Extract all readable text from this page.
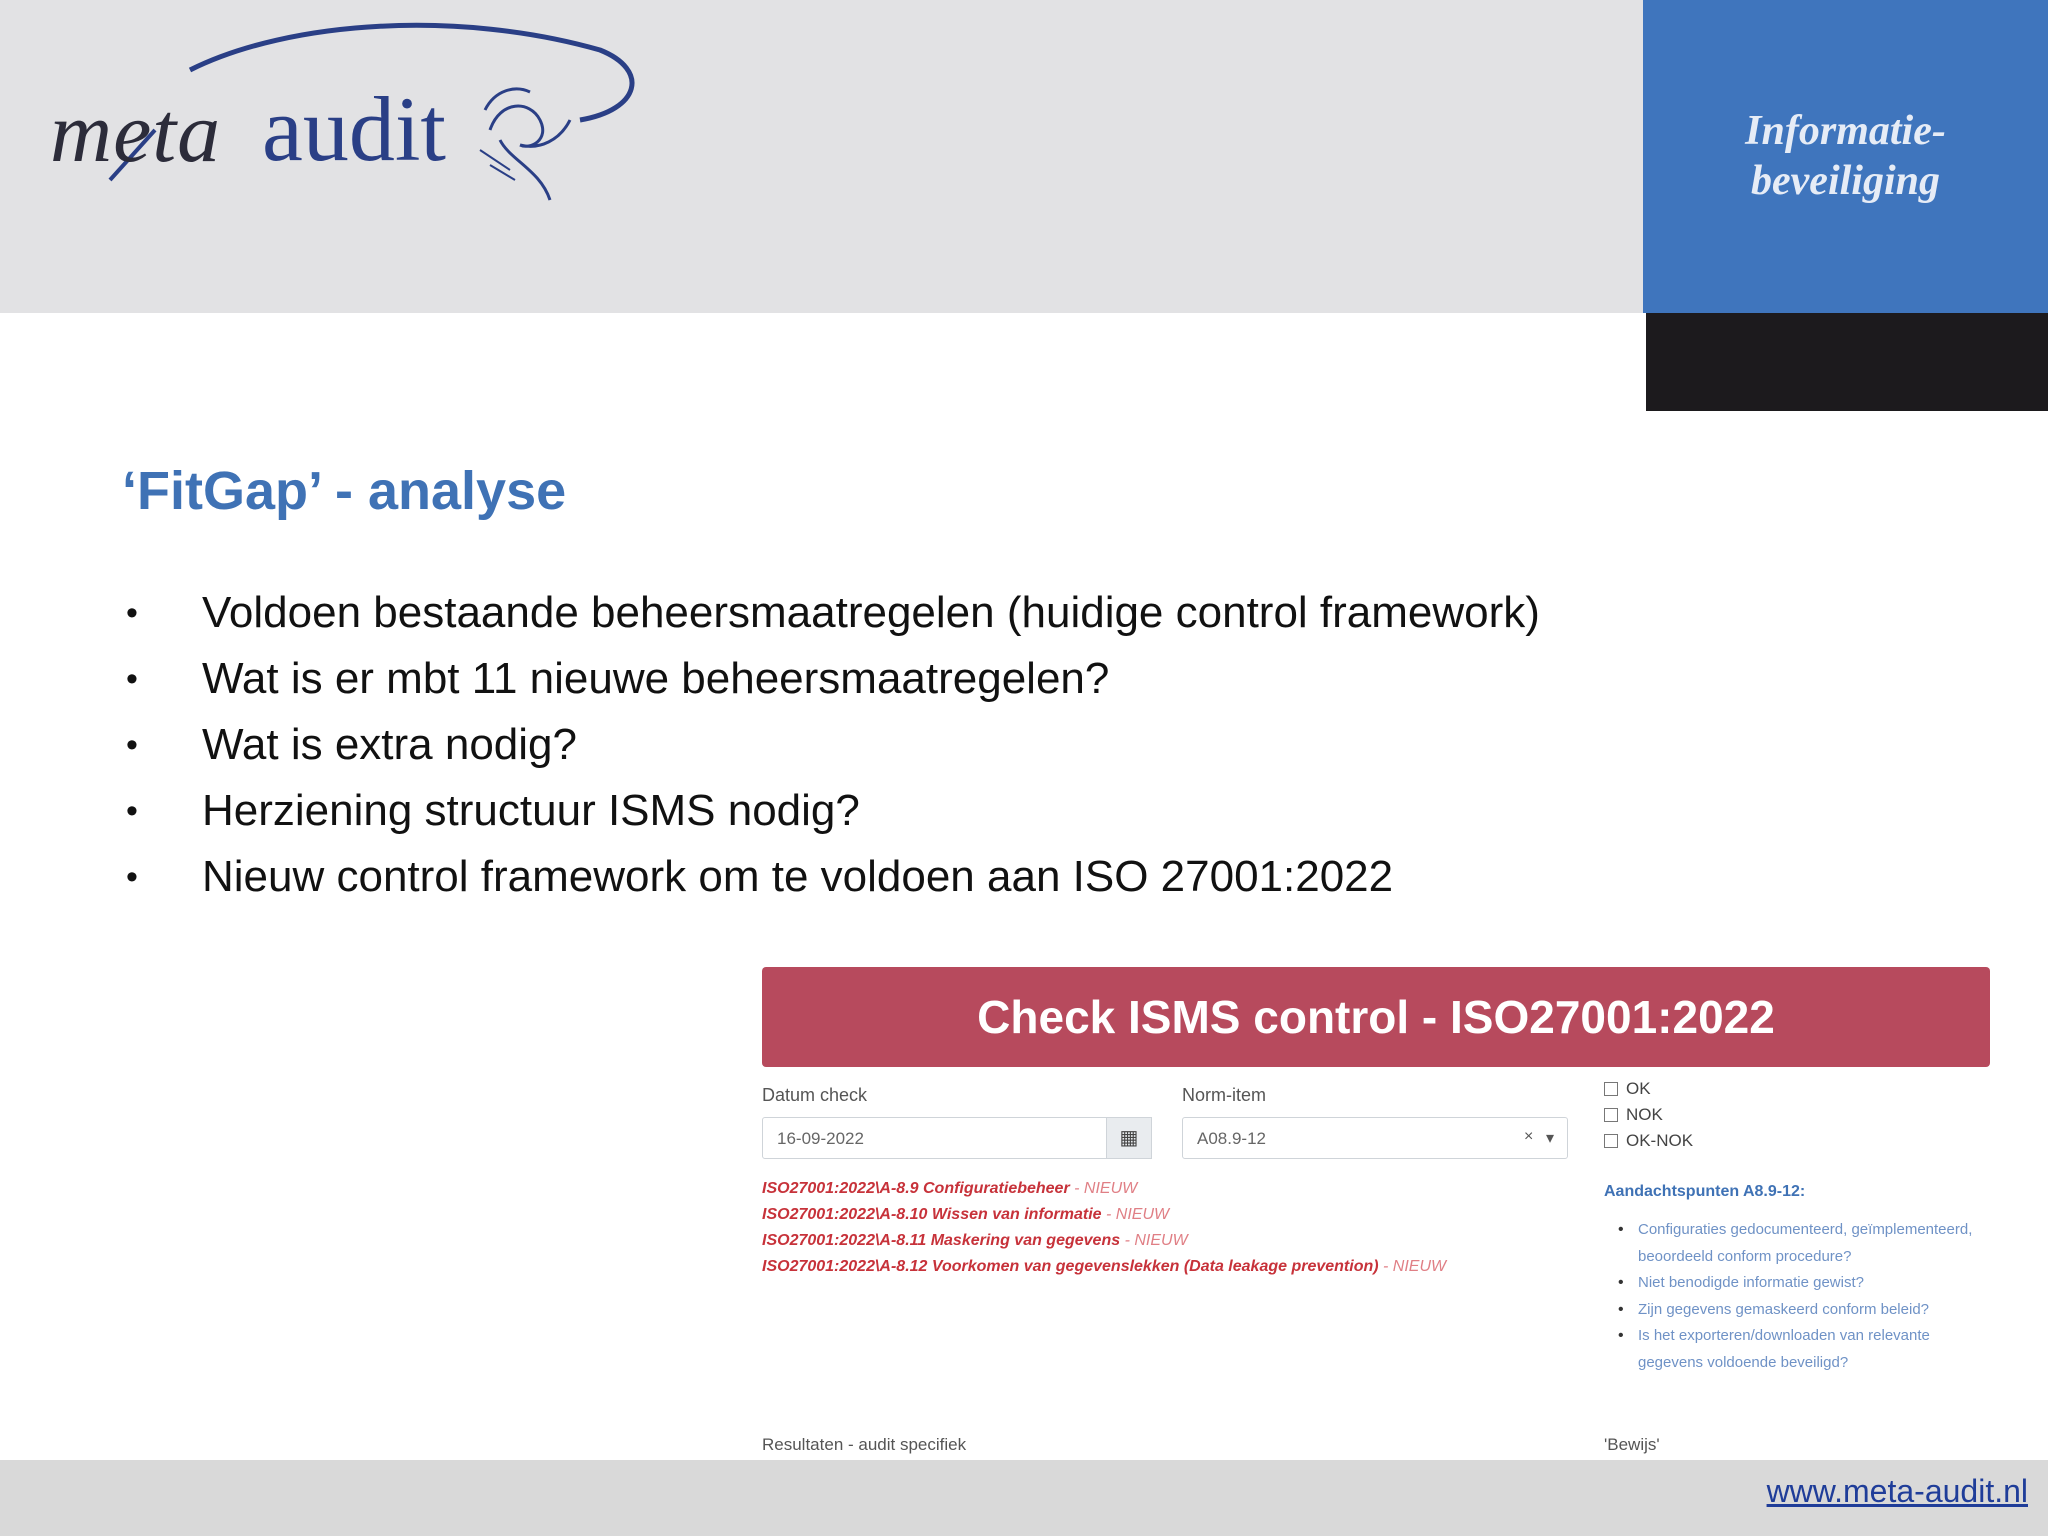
meta audit	Informatie-
beveiliging
‘FitGap’ - analyse
• Voldoen bestaande beheersmaatregelen (huidige control framework)
• Wat is er mbt 11 nieuwe beheersmaatregelen?
• Wat is extra nodig?
• Herziening structuur ISMS nodig?
• Nieuw control framework om te voldoen aan ISO 27001:2022
Check ISMS control - ISO27001:2022
Datum check
16-09-2022	▦
Norm-item
A08.9-12	× ▾
OK
NOK
OK-NOK
ISO27001:2022\A-8.9 Configuratiebeheer - NIEUW
ISO27001:2022\A-8.10 Wissen van informatie - NIEUW
ISO27001:2022\A-8.11 Maskering van gegevens - NIEUW
ISO27001:2022\A-8.12 Voorkomen van gegevenslekken (Data leakage prevention) - NIEUW
Aandachtspunten A8.9-12:
• Configuraties gedocumenteerd, geïmplementeerd, beoordeeld conform procedure?
• Niet benodigde informatie gewist?
• Zijn gegevens gemaskeerd conform beleid?
• Is het exporteren/downloaden van relevante gegevens voldoende beveiligd?
Resultaten - audit specifiek	'Bewijs'
www.meta-audit.nl
